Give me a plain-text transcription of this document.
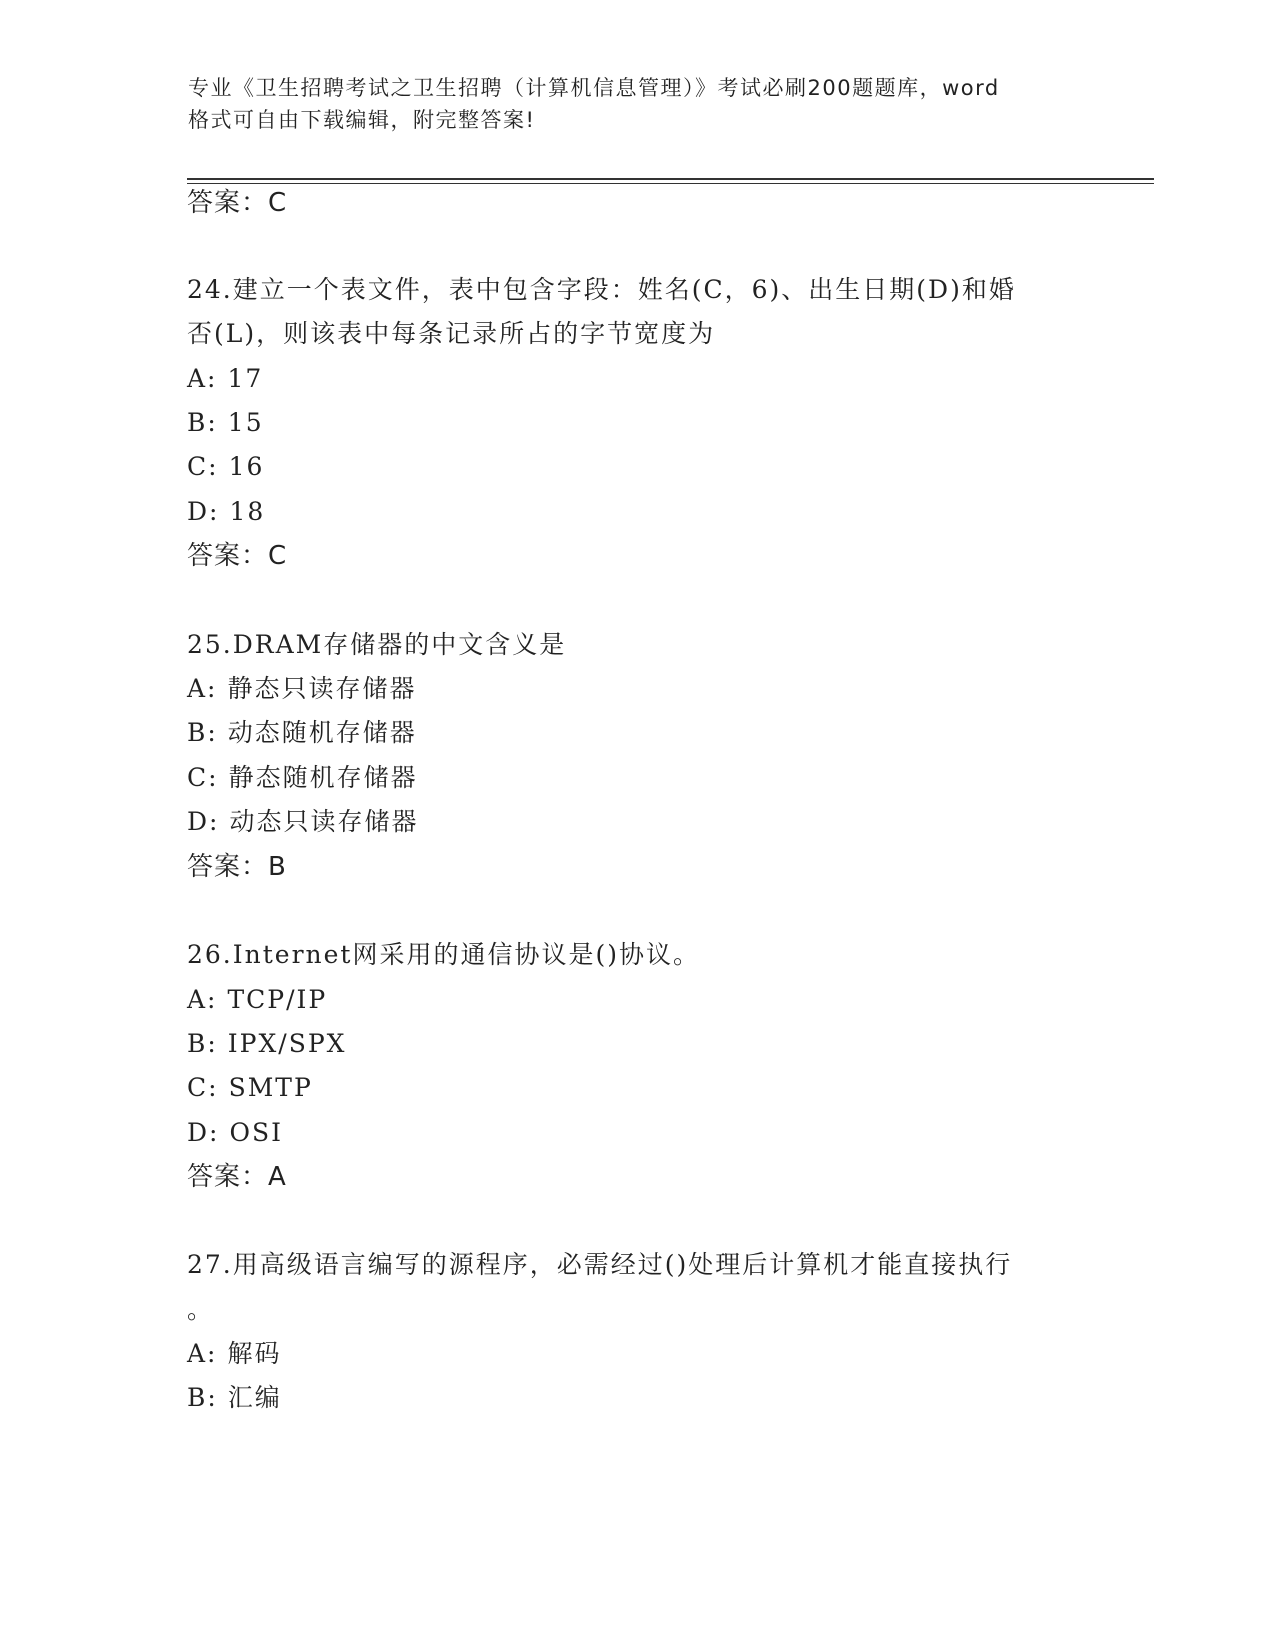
专业《卫生招聘考试之卫生招聘（计算机信息管理）》考试必刷200题题库，word
格式可自由下载编辑，附完整答案!
答案：C
24.建立一个表文件，表中包含字段：姓名(C，6)、出生日期(D)和婚
否(L)，则该表中每条记录所占的字节宽度为
A: 17
B: 15
C: 16
D: 18
答案：C
25.DRAM存储器的中文含义是
A: 静态只读存储器
B: 动态随机存储器
C: 静态随机存储器
D: 动态只读存储器
答案：B
26.Internet网采用的通信协议是()协议。
A: TCP/IP
B: IPX/SPX
C: SMTP
D: OSI
答案：A
27.用高级语言编写的源程序，必需经过()处理后计算机才能直接执行
。
A: 解码
B: 汇编
